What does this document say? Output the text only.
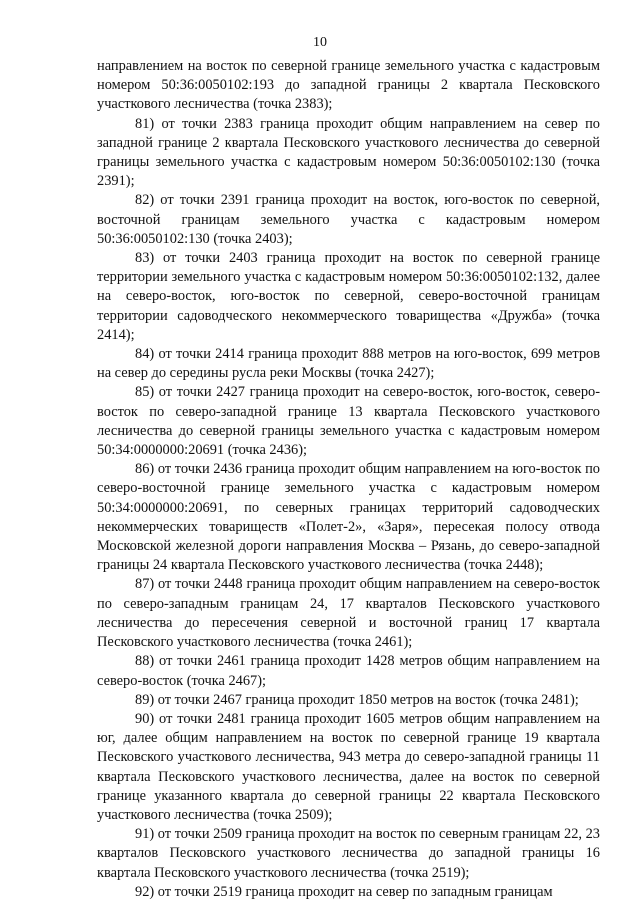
10

направлением на восток по северной границе земельного участка с кадастровым номером 50:36:0050102:193 до западной границы 2 квартала Песковского участкового лесничества (точка 2383);

81) от точки 2383 граница проходит общим направлением на север по западной границе 2 квартала Песковского участкового лесничества до северной границы земельного участка с кадастровым номером 50:36:0050102:130 (точка 2391);

82) от точки 2391 граница проходит на восток, юго-восток по северной, восточной границам земельного участка с кадастровым номером 50:36:0050102:130 (точка 2403);

83) от точки 2403 граница проходит на восток по северной границе территории земельного участка с кадастровым номером 50:36:0050102:132, далее на северо-восток, юго-восток по северной, северо-восточной границам территории садоводческого некоммерческого товарищества «Дружба» (точка 2414);

84) от точки 2414 граница проходит 888 метров на юго-восток, 699 метров на север до середины русла реки Москвы (точка 2427);

85) от точки 2427 граница проходит на северо-восток, юго-восток, северо-восток по северо-западной границе 13 квартала Песковского участкового лесничества до северной границы земельного участка с кадастровым номером 50:34:0000000:20691 (точка 2436);

86) от точки 2436 граница проходит общим направлением на юго-восток по северо-восточной границе земельного участка с кадастровым номером 50:34:0000000:20691, по северных границах территорий садоводческих некоммерческих товариществ «Полет-2», «Заря», пересекая полосу отвода Московской железной дороги направления Москва – Рязань, до северо-западной границы 24 квартала Песковского участкового лесничества (точка 2448);

87) от точки 2448 граница проходит общим направлением на северо-восток по северо-западным границам 24, 17 кварталов Песковского участкового лесничества до пересечения северной и восточной границ 17 квартала Песковского участкового лесничества (точка 2461);

88) от точки 2461 граница проходит 1428 метров общим направлением на северо-восток (точка 2467);

89) от точки 2467 граница проходит 1850 метров на восток (точка 2481);

90) от точки 2481 граница проходит 1605 метров общим направлением на юг, далее общим направлением на восток по северной границе 19 квартала Песковского участкового лесничества, 943 метра до северо-западной границы 11 квартала Песковского участкового лесничества, далее на восток по северной границе указанного квартала до северной границы 22 квартала Песковского участкового лесничества (точка 2509);

91) от точки 2509 граница проходит на восток по северным границам 22, 23 кварталов Песковского участкового лесничества до западной границы 16 квартала Песковского участкового лесничества (точка 2519);

92) от точки 2519 граница проходит на север по западным границам
